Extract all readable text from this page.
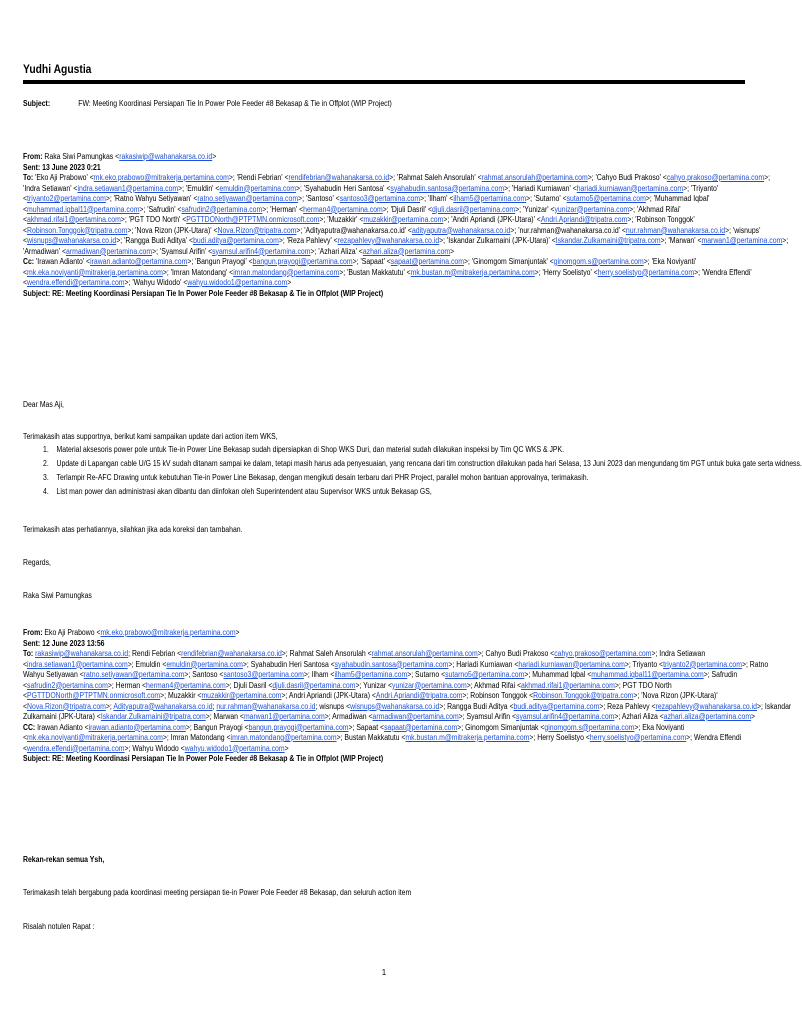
Yudhi Agustia
Subject:	FW: Meeting Koordinasi Persiapan Tie In Power Pole Feeder #8 Bekasap & Tie in Offplot (WIP Project)
From: Raka Siwi Pamungkas <rakasiwip@wahanakarsa.co.id>
Sent: 13 June 2023 0:21
To: 'Eko Aji Prabowo' <mk.eko.prabowo@mitrakerja.pertamina.com>; 'Rendi Febrian' <rendifebrian@wahanakarsa.co.id>; 'Rahmat Saleh Ansorulah' <rahmat.ansorulah@pertamina.com>; 'Cahyo Budi Prakoso' <cahyo.prakoso@pertamina.com>;
'Indra Setiawan' <indra.setiawan1@pertamina.com>; 'Emuldin' <emuldin@pertamina.com>; 'Syahabudin Heri Santosa' <syahabudin.santosa@pertamina.com>; 'Hariadi Kurniawan' <hariadi.kurniawan@pertamina.com>; 'Triyanto'
<triyanto2@pertamina.com>; 'Ratno Wahyu Setiyawan' <ratno.setiyawan@pertamina.com>; 'Santoso' <santoso3@pertamina.com>; 'Ilham' <ilham5@pertamina.com>; 'Sutarno' <sutarno5@pertamina.com>; 'Muhammad Iqbal'
<muhammad.iqbal11@pertamina.com>; 'Safrudin' <safrudin2@pertamina.com>; 'Herman' <herman4@pertamina.com>; 'Djuli Dasril' <djuli.dasril@pertamina.com>; 'Yunizar' <yunizar@pertamina.com>; 'Akhmad Rifai'
<akhmad.rifai1@pertamina.com>; 'PGT TDO North' <PGTTDONorth@PTPTMN.onmicrosoft.com>; 'Muzakkir' <muzakkir@pertamina.com>; 'Andri Apriandi (JPK-Utara)' <Andri.Apriandi@tripatra.com>; 'Robinson Tonggok'
<Robinson.Tonggok@tripatra.com>; 'Nova Rizon (JPK-Utara)' <Nova.Rizon@tripatra.com>; 'Adityaputra@wahanakarsa.co.id' <adityaputra@wahanakarsa.co.id>; 'nur.rahman@wahanakarsa.co.id' <nur.rahman@wahanakarsa.co.id>; 'wisnups'
<wisnups@wahanakarsa.co.id>; 'Rangga Budi Aditya' <budi.aditya@pertamina.com>; 'Reza Pahlevy' <rezapahlevy@wahanakarsa.co.id>; 'Iskandar Zulkarnaini (JPK-Utara)' <Iskandar.Zulkarnaini@tripatra.com>; 'Marwan' <marwan1@pertamina.com>;
'Armadiwan' <armadiwan@pertamina.com>; 'Syamsul Arifin' <syamsul.arifin4@pertamina.com>; 'Azhari Aliza' <azhari.aliza@pertamina.com>
Cc: 'Irawan Adianto' <irawan.adianto@pertamina.com>; 'Bangun Prayogi' <bangun.prayogi@pertamina.com>; 'Sapaat' <sapaat@pertamina.com>; 'Ginomgom Simanjuntak' <ginomgom.s@pertamina.com>; 'Eka Noviyanti'
<mk.eka.noviyanti@mitrakerja.pertamina.com>; 'Imran Matondang' <imran.matondang@pertamina.com>; 'Bustan Makkatutu' <mk.bustan.m@mitrakerja.pertamina.com>; 'Herry Soelistyo' <herry.soelistyo@pertamina.com>; 'Wendra Effendi'
<wendra.effendi@pertamina.com>; 'Wahyu Widodo' <wahyu.widodo1@pertamina.com>
Subject: RE: Meeting Koordinasi Persiapan Tie In Power Pole Feeder #8 Bekasap & Tie in Offplot (WIP Project)
Dear Mas Aji,
Terimakasih atas supportnya, berikut kami sampaikan update dari action item WKS,
1. Material aksesoris power pole untuk Tie-in Power Line Bekasap sudah dipersiapkan di Shop WKS Duri, dan material sudah dilakukan inspeksi by Tim QC WKS & JPK.
2. Update di Lapangan cable U/G 15 kV sudah ditanam sampai ke dalam, tetapi masih harus ada penyesuaian, yang rencana dari tim construction dilakukan pada hari Selasa, 13 Juni 2023 dan mengundang tim PGT untuk buka gate serta widness.
3. Terlampir Re-AFC Drawing untuk kebutuhan Tie-in Power Line Bekasap, dengan mengikuti desain terbaru dari PHR Project, parallel mohon bantuan approvalnya, terimakasih.
4. List man power dan administrasi akan dibantu dan diinfokan oleh Superintendent atau Supervisor WKS untuk Bekasap GS,
Terimakasih atas perhatiannya, silahkan jika ada koreksi dan tambahan.
Regards,
Raka Siwi Pamungkas
From: Eko Aji Prabowo <mk.eko.prabowo@mitrakerja.pertamina.com>
Sent: 12 June 2023 13:56
To: rakasiwip@wahanakarsa.co.id; Rendi Febrian <rendifebrian@wahanakarsa.co.id>; Rahmat Saleh Ansorulah <rahmat.ansorulah@pertamina.com>; Cahyo Budi Prakoso <cahyo.prakoso@pertamina.com>; Indra Setiawan
<indra.setiawan1@pertamina.com>; Emuldin <emuldin@pertamina.com>; Syahabudin Heri Santosa <syahabudin.santosa@pertamina.com>; Hariadi Kurniawan <hariadi.kurniawan@pertamina.com>; Triyanto <triyanto2@pertamina.com>; Ratno
Wahyu Setiyawan <ratno.setiyawan@pertamina.com>; Santoso <santoso3@pertamina.com>; Ilham <ilham5@pertamina.com>; Sutarno <sutarno5@pertamina.com>; Muhammad Iqbal <muhammad.iqbal11@pertamina.com>; Safrudin
<safrudin2@pertamina.com>; Herman <herman4@pertamina.com>; Djuli Dasril <djuli.dasril@pertamina.com>; Yunizar <yunizar@pertamina.com>; Akhmad Rifai <akhmad.rifai1@pertamina.com>; PGT TDO North
<PGTTDONorth@PTPTMN.onmicrosoft.com>; Muzakkir <muzakkir@pertamina.com>; Andri Apriandi (JPK-Utara) <Andri.Apriandi@tripatra.com>; Robinson Tonggok <Robinson.Tonggok@tripatra.com>; 'Nova Rizon (JPK-Utara)'
<Nova.Rizon@tripatra.com>; Adityaputra@wahanakarsa.co.id; nur.rahman@wahanakarsa.co.id; wisnups <wisnups@wahanakarsa.co.id>; Rangga Budi Aditya <budi.aditya@pertamina.com>; Reza Pahlevy <rezapahlevy@wahanakarsa.co.id>; Iskandar
Zulkarnaini (JPK-Utara) <Iskandar.Zulkarnaini@tripatra.com>; Marwan <marwan1@pertamina.com>; Armadiwan <armadiwan@pertamina.com>; Syamsul Arifin <syamsul.arifin4@pertamina.com>; Azhari Aliza <azhari.aliza@pertamina.com>
CC: Irawan Adianto <irawan.adianto@pertamina.com>; Bangun Prayogi <bangun.prayogi@pertamina.com>; Sapaat <sapaat@pertamina.com>; Ginomgom Simanjuntak <ginomgom.s@pertamina.com>; Eka Noviyanti
<mk.eka.noviyanti@mitrakerja.pertamina.com>; Imran Matondang <imran.matondang@pertamina.com>; Bustan Makkatutu <mk.bustan.m@mitrakerja.pertamina.com>; Herry Soelistyo <herry.soelistyo@pertamina.com>; Wendra Effendi
<wendra.effendi@pertamina.com>; Wahyu Widodo <wahyu.widodo1@pertamina.com>
Subject: RE: Meeting Koordinasi Persiapan Tie In Power Pole Feeder #8 Bekasap & Tie in Offplot (WIP Project)
Rekan-rekan semua Ysh,
Terimakasih telah bergabung pada koordinasi meeting persiapan tie-in Power Pole Feeder #8 Bekasap, dan seluruh action item
Risalah notulen Rapat :
1
